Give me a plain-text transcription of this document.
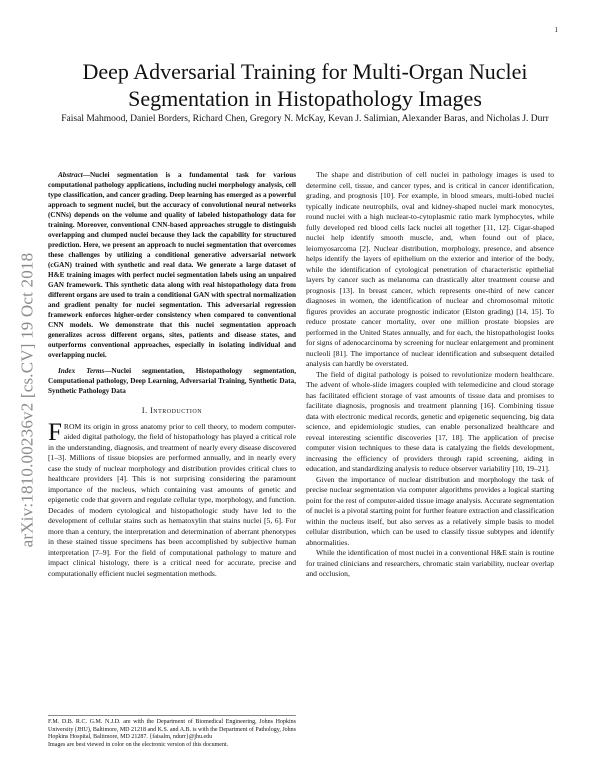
1
arXiv:1810.00236v2 [cs.CV] 19 Oct 2018
Deep Adversarial Training for Multi-Organ Nuclei Segmentation in Histopathology Images
Faisal Mahmood, Daniel Borders, Richard Chen, Gregory N. McKay, Kevan J. Salimian, Alexander Baras, and Nicholas J. Durr

Abstract—Nuclei segmentation is a fundamental task for various computational pathology applications, including nuclei morphology analysis, cell type classification, and cancer grading. Deep learning has emerged as a powerful approach to segment nuclei, but the accuracy of convolutional neural networks (CNNs) depends on the volume and quality of labeled histopathology data for training. Moreover, conventional CNN-based approaches struggle to distinguish overlapping and clumped nuclei because they lack the capability for structured prediction. Here, we present an approach to nuclei segmentation that overcomes these challenges by utilizing a conditional generative adversarial network (cGAN) trained with synthetic and real data. We generate a large dataset of H&E training images with perfect nuclei segmentation labels using an unpaired GAN framework. This synthetic data along with real histopathology data from different organs are used to train a conditional GAN with spectral normalization and gradient penalty for nuclei segmentation. This adversarial regression framework enforces higher-order consistency when compared to conventional CNN models. We demonstrate that this nuclei segmentation approach generalizes across different organs, sites, patients and disease states, and outperforms conventional approaches, especially in isolating individual and overlapping nuclei.

Index Terms—Nuclei segmentation, Histopathology segmentation, Computational pathology, Deep Learning, Adversarial Training, Synthetic Data, Synthetic Pathology Data

I. Introduction

FROM its origin in gross anatomy prior to cell theory, to modern computer-aided digital pathology, the field of histopathology has played a critical role in the understanding, diagnosis, and treatment of nearly every disease discovered [1–3]. Millions of tissue biopsies are performed annually, and in nearly every case the study of nuclear morphology and distribution provides critical clues to healthcare providers [4]. This is not surprising considering the paramount importance of the nucleus, which containing vast amounts of genetic and epigenetic code that govern and regulate cellular type, morphology, and function. Decades of modern cytological and histopathologic study have led to the development of cellular stains such as hematoxylin that stains nuclei [5, 6]. For more than a century, the interpretation and determination of aberrant phenotypes in these stained tissue specimens has been accomplished by subjective human interpretation [7–9]. For the field of computational pathology to mature and impact clinical histology, there is a critical need for accurate, precise and computationally efficient nuclei segmentation methods.

F.M. D.B. R.C. G.M. N.J.D. are with the Department of Biomedical Engineering, Johns Hopkins University (JHU), Baltimore, MD 21218 and K.S. and A.B. is with the Department of Pathology, Johns Hopkins Hospital, Baltimore, MD 21287. {faisalm, ndurr}@jhu.edu
Images are best viewed in color on the electronic version of this document.

The shape and distribution of cell nuclei in pathology images is used to determine cell, tissue, and cancer types, and is critical in cancer identification, grading, and prognosis [10]. For example, in blood smears, multi-lobed nuclei typically indicate neutrophils, oval and kidney-shaped nuclei mark monocytes, round nuclei with a high nuclear-to-cytoplasmic ratio mark lymphocytes, while fully developed red blood cells lack nuclei all together [11, 12]. Cigar-shaped nuclei help identify smooth muscle, and, when found out of place, leiomyosarcoma [2]. Nuclear distribution, morphology, presence, and absence helps identify the layers of epithelium on the exterior and interior of the body, while the identification of cytological penetration of characteristic epithelial layers by cancer such as melanoma can drastically alter treatment course and prognosis [13]. In breast cancer, which represents one-third of new cancer diagnoses in women, the identification of nuclear and chromosomal mitotic figures provides an accurate prognostic indicator (Elston grading) [14, 15]. To reduce prostate cancer mortality, over one million prostate biopsies are performed in the United States annually, and for each, the histopathologist looks for signs of adenocarcinoma by screening for nuclear enlargement and prominent nucleoli [81]. The importance of nuclear identification and subsequent detailed analysis can hardly be overstated.

The field of digital pathology is poised to revolutionize modern healthcare. The advent of whole-slide imagers coupled with telemedicine and cloud storage has facilitated efficient storage of vast amounts of tissue data and promises to facilitate diagnosis, prognosis and treatment planning [16]. Combining tissue data with electronic medical records, genetic and epigenetic sequencing, big data science, and epidemiologic studies, can enable personalized healthcare and reveal interesting scientific discoveries [17, 18]. The application of precise computer vision techniques to these data is catalyzing the fields development, increasing the efficiency of providers through rapid screening, aiding in education, and standardizing analysis to reduce observer variability [10, 19–21].

Given the importance of nuclear distribution and morphology the task of precise nuclear segmentation via computer algorithms provides a logical starting point for the rest of computer-aided tissue image analysis. Accurate segmentation of nuclei is a pivotal starting point for further feature extraction and classification within the nucleus itself, but also serves as a relatively simple basis to model cellular distribution, which can be used to classify tissue subtypes and identify abnormalities.

While the identification of most nuclei in a conventional H&E stain is routine for trained clinicians and researchers, chromatic stain variability, nuclear overlap and occlusion,
